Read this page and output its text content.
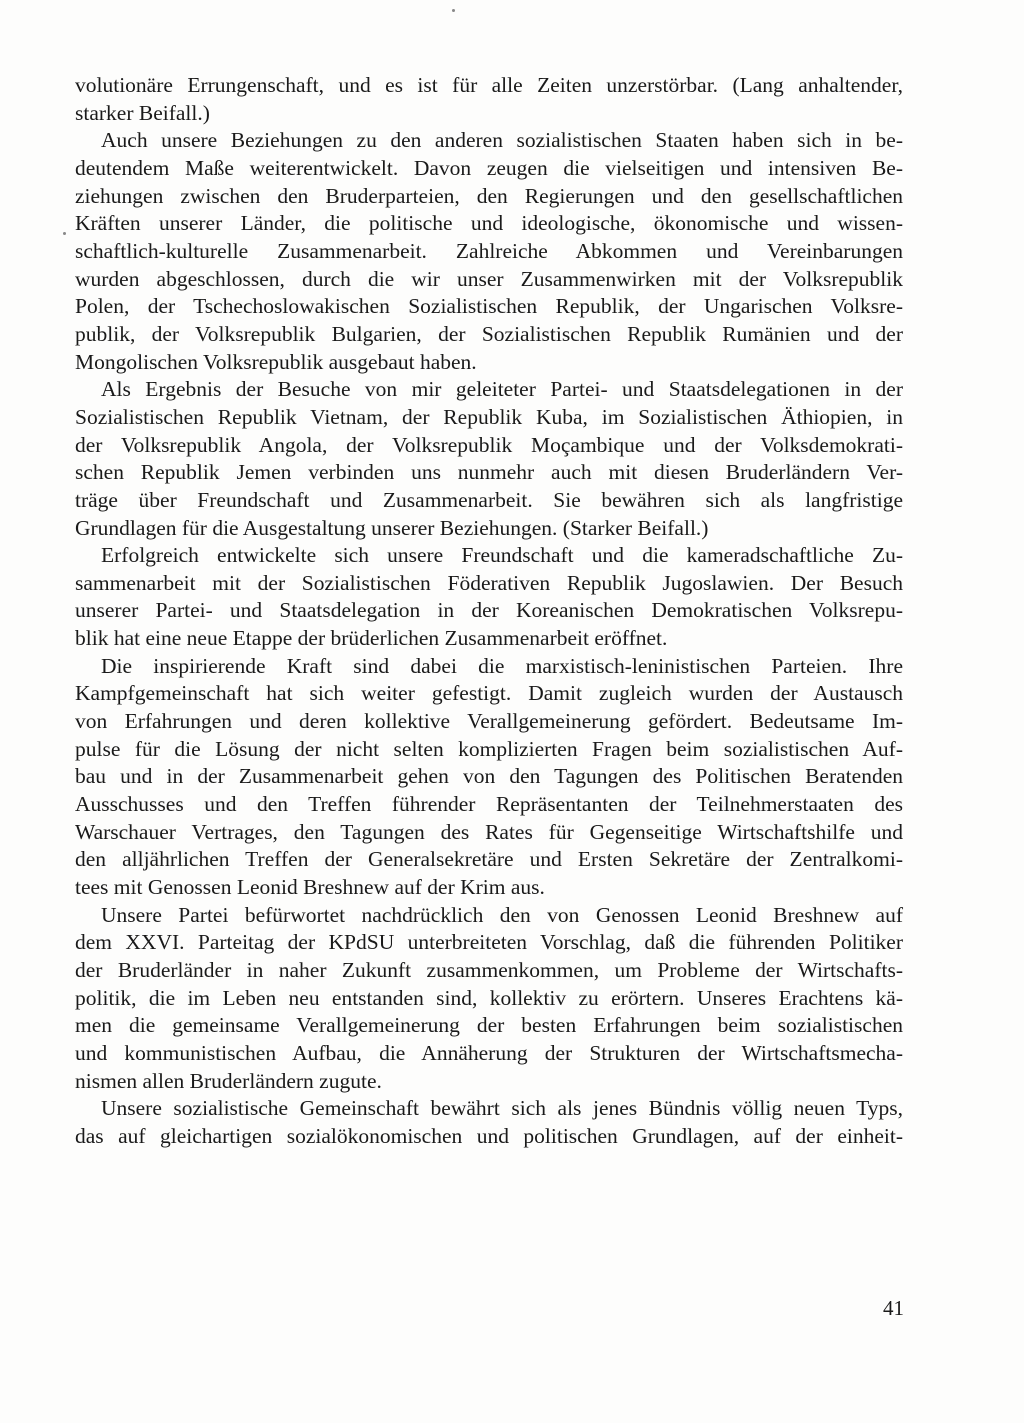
volutionäre Errungenschaft, und es ist für alle Zeiten unzerstörbar. (Lang anhaltender,
starker Beifall.)
Auch unsere Beziehungen zu den anderen sozialistischen Staaten haben sich in be-
deutendem Maße weiterentwickelt. Davon zeugen die vielseitigen und intensiven Be-
ziehungen zwischen den Bruderparteien, den Regierungen und den gesellschaftlichen
Kräften unserer Länder, die politische und ideologische, ökonomische und wissen-
schaftlich-kulturelle Zusammenarbeit. Zahlreiche Abkommen und Vereinbarungen
wurden abgeschlossen, durch die wir unser Zusammenwirken mit der Volksrepublik
Polen, der Tschechoslowakischen Sozialistischen Republik, der Ungarischen Volksre-
publik, der Volksrepublik Bulgarien, der Sozialistischen Republik Rumänien und der
Mongolischen Volksrepublik ausgebaut haben.
Als Ergebnis der Besuche von mir geleiteter Partei- und Staatsdelegationen in der
Sozialistischen Republik Vietnam, der Republik Kuba, im Sozialistischen Äthiopien, in
der Volksrepublik Angola, der Volksrepublik Moçambique und der Volksdemokrati-
schen Republik Jemen verbinden uns nunmehr auch mit diesen Bruderländern Ver-
träge über Freundschaft und Zusammenarbeit. Sie bewähren sich als langfristige
Grundlagen für die Ausgestaltung unserer Beziehungen. (Starker Beifall.)
Erfolgreich entwickelte sich unsere Freundschaft und die kameradschaftliche Zu-
sammenarbeit mit der Sozialistischen Föderativen Republik Jugoslawien. Der Besuch
unserer Partei- und Staatsdelegation in der Koreanischen Demokratischen Volksrepu-
blik hat eine neue Etappe der brüderlichen Zusammenarbeit eröffnet.
Die inspirierende Kraft sind dabei die marxistisch-leninistischen Parteien. Ihre
Kampfgemeinschaft hat sich weiter gefestigt. Damit zugleich wurden der Austausch
von Erfahrungen und deren kollektive Verallgemeinerung gefördert. Bedeutsame Im-
pulse für die Lösung der nicht selten komplizierten Fragen beim sozialistischen Auf-
bau und in der Zusammenarbeit gehen von den Tagungen des Politischen Beratenden
Ausschusses und den Treffen führender Repräsentanten der Teilnehmerstaaten des
Warschauer Vertrages, den Tagungen des Rates für Gegenseitige Wirtschaftshilfe und
den alljährlichen Treffen der Generalsekretäre und Ersten Sekretäre der Zentralkomi-
tees mit Genossen Leonid Breshnew auf der Krim aus.
Unsere Partei befürwortet nachdrücklich den von Genossen Leonid Breshnew auf
dem XXVI. Parteitag der KPdSU unterbreiteten Vorschlag, daß die führenden Politiker
der Bruderländer in naher Zukunft zusammenkommen, um Probleme der Wirtschafts-
politik, die im Leben neu entstanden sind, kollektiv zu erörtern. Unseres Erachtens kä-
men die gemeinsame Verallgemeinerung der besten Erfahrungen beim sozialistischen
und kommunistischen Aufbau, die Annäherung der Strukturen der Wirtschaftsmecha-
nismen allen Bruderländern zugute.
Unsere sozialistische Gemeinschaft bewährt sich als jenes Bündnis völlig neuen Typs,
das auf gleichartigen sozialökonomischen und politischen Grundlagen, auf der einheit-
41
